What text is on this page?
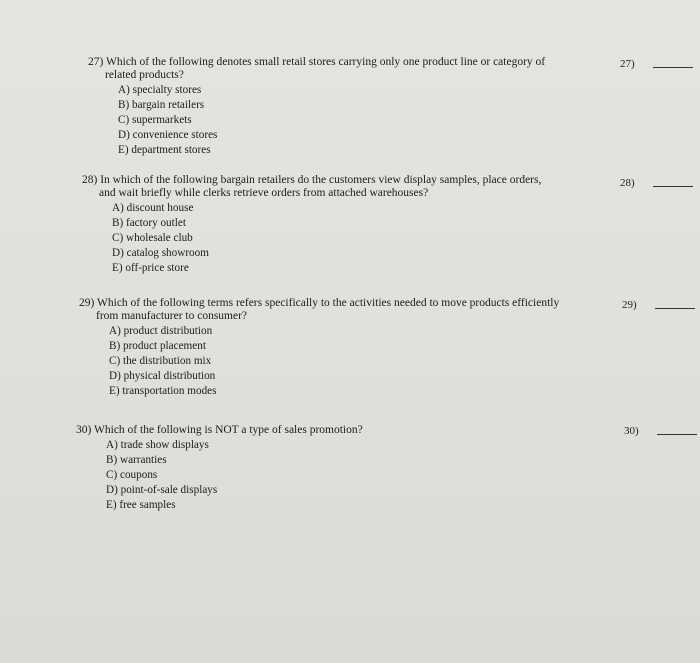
27) Which of the following denotes small retail stores carrying only one product line or category of
related products?

A) specialty stores
B) bargain retailers
C) supermarkets
D) convenience stores
E) department stores
27)

28) In which of the following bargain retailers do the customers view display samples, place orders,
and wait briefly while clerks retrieve orders from attached warehouses?

A) discount house
B) factory outlet
C) wholesale club
D) catalog showroom
E) off-price store
28)

29) Which of the following terms refers specifically to the activities needed to move products efficiently
from manufacturer to consumer?

A) product distribution
B) product placement
C) the distribution mix
D) physical distribution
E) transportation modes
29)

30) Which of the following is NOT a type of sales promotion?

A) trade show displays
B) warranties
C) coupons
D) point-of-sale displays
E) free samples
30)
